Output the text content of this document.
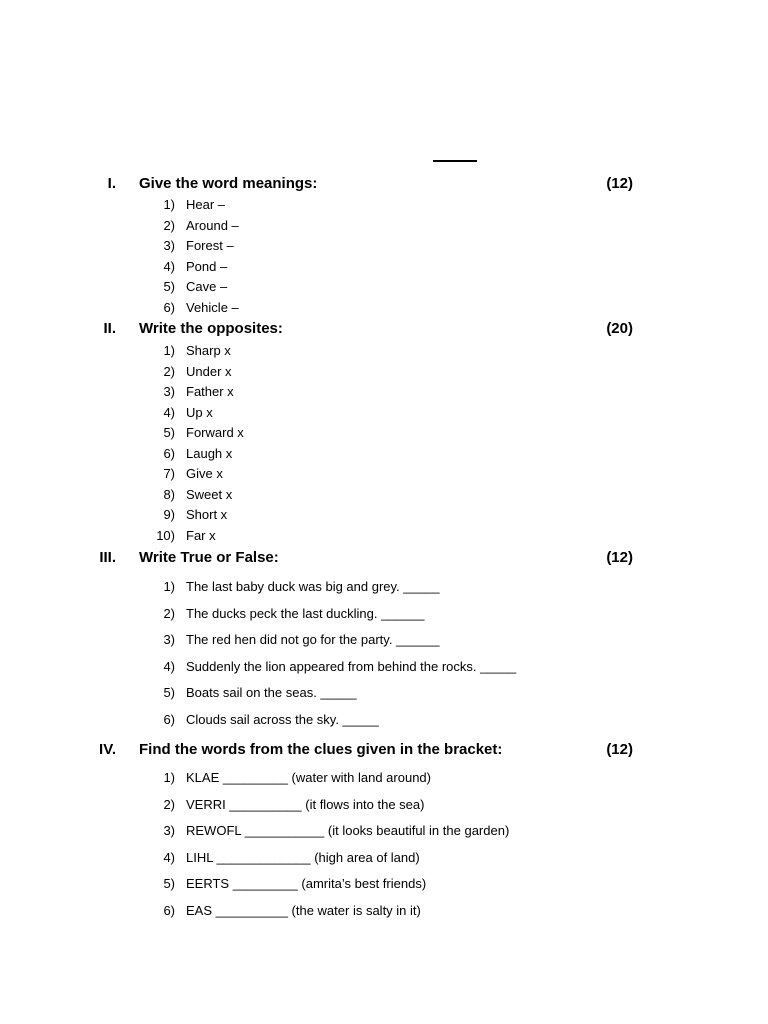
I. Give the word meanings:	(12)
1) Hear –
2) Around –
3) Forest –
4) Pond –
5) Cave –
6) Vehicle –
II. Write the opposites:	(20)
1) Sharp x
2) Under x
3) Father x
4) Up x
5) Forward x
6) Laugh x
7) Give x
8) Sweet x
9) Short x
10) Far x
III. Write True or False:	(12)
1) The last baby duck was big and grey. _____
2) The ducks peck the last duckling. ______
3) The red hen did not go for the party. ______
4) Suddenly the lion appeared from behind the rocks. _____
5) Boats sail on the seas. _____
6) Clouds sail across the sky. _____
IV. Find the words from the clues given in the bracket:	(12)
1) KLAE _________ (water with land around)
2) VERRI __________ (it flows into the sea)
3) REWOFL ___________ (it looks beautiful in the garden)
4) LIHL _____________ (high area of land)
5) EERTS _________ (amrita’s best friends)
6) EAS __________ (the water is salty in it)
